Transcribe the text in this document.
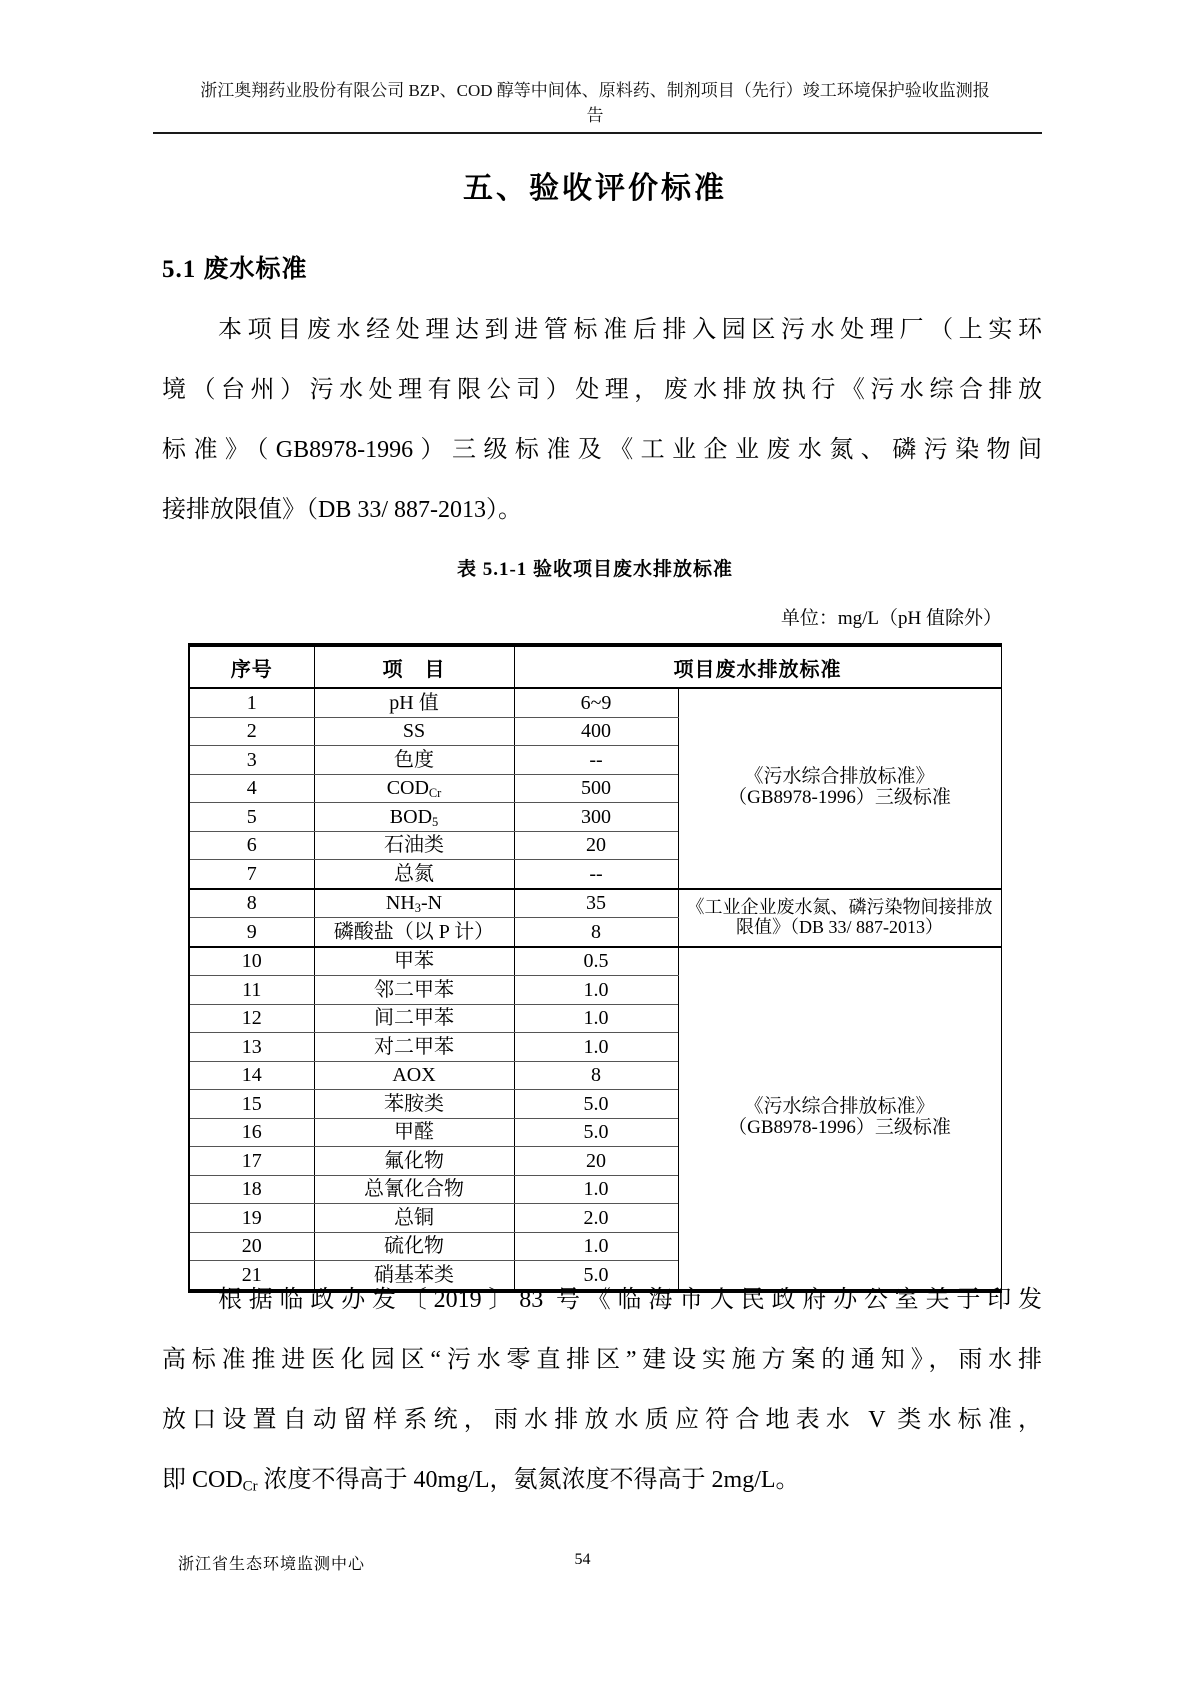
浙江奥翔药业股份有限公司 BZP、COD 醇等中间体、原料药、制剂项目（先行）竣工环境保护验收监测报
告
五、验收评价标准
5.1 废水标准
本项目废水经处理达到进管标准后排入园区污水处理厂（上实环
境（台州）污水处理有限公司）处理，废水排放执行《污水综合排放
标准》（GB8978-1996）三级标准及《工业企业废水氮、磷污染物间
接排放限值》（DB 33/ 887-2013）。
表 5.1-1 验收项目废水排放标准
单位：mg/L（pH 值除外）
序号	项　目	项目废水排放标准	
1	pH 值	6~9	《污水综合排放标准》
（GB8978-1996）三级标准

2	SS	400	
3	色度	--	
4	$COD_{Cr}$	500	
5	$BOD_5$	300	
6	石油类	20	
7	总氮	--	
8	$NH_3-N$	35	《工业企业废水氮、磷污染物间接排放
限值》（DB 33/ 887-2013）

9	磷酸盐（以 P 计）	8	
10	甲苯	0.5	《污水综合排放标准》
（GB8978-1996）三级标准

11	邻二甲苯	1.0	
12	间二甲苯	1.0	
13	对二甲苯	1.0	
14	AOX	8	
15	苯胺类	5.0	
16	甲醛	5.0	
17	氟化物	20	
18	总氰化合物	1.0	
19	总铜	2.0	
20	硫化物	1.0	
21	硝基苯类	5.0	
根据临政办发〔2019〕83 号《临海市人民政府办公室关于印发
高标准推进医化园区“污水零直排区”建设实施方案的通知》，雨水排
放口设置自动留样系统，雨水排放水质应符合地表水 V 类水标准，
即 $COD_{Cr}$ 浓度不得高于 40mg/L，氨氮浓度不得高于 2mg/L。
浙江省生态环境监测中心	54
